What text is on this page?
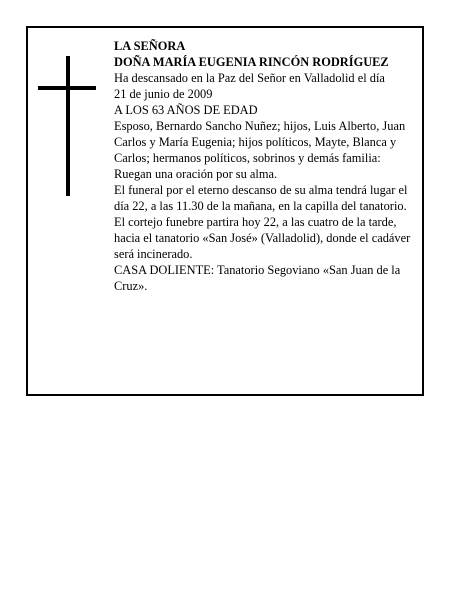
LA SEÑORA

DOÑA MARÍA EUGENIA RINCÓN RODRÍGUEZ

Ha descansado en la Paz del Señor en Valladolid el día

21 de junio de 2009

A LOS 63 AÑOS DE EDAD

Esposo, Bernardo Sancho Nuñez; hijos, Luis Alberto, Juan Carlos y María Eugenia; hijos políticos, Mayte, Blanca y Carlos; hermanos políticos, sobrinos y demás familia:

Ruegan una oración por su alma.

El funeral por el eterno descanso de su alma tendrá lugar el día 22, a las 11.30 de la mañana, en la capilla del tanatorio.

El cortejo funebre partira hoy 22, a las cuatro de la tarde, hacia el tanatorio «San José» (Valladolid), donde el cadáver será incinerado.

CASA DOLIENTE: Tanatorio Segoviano «San Juan de la Cruz».
